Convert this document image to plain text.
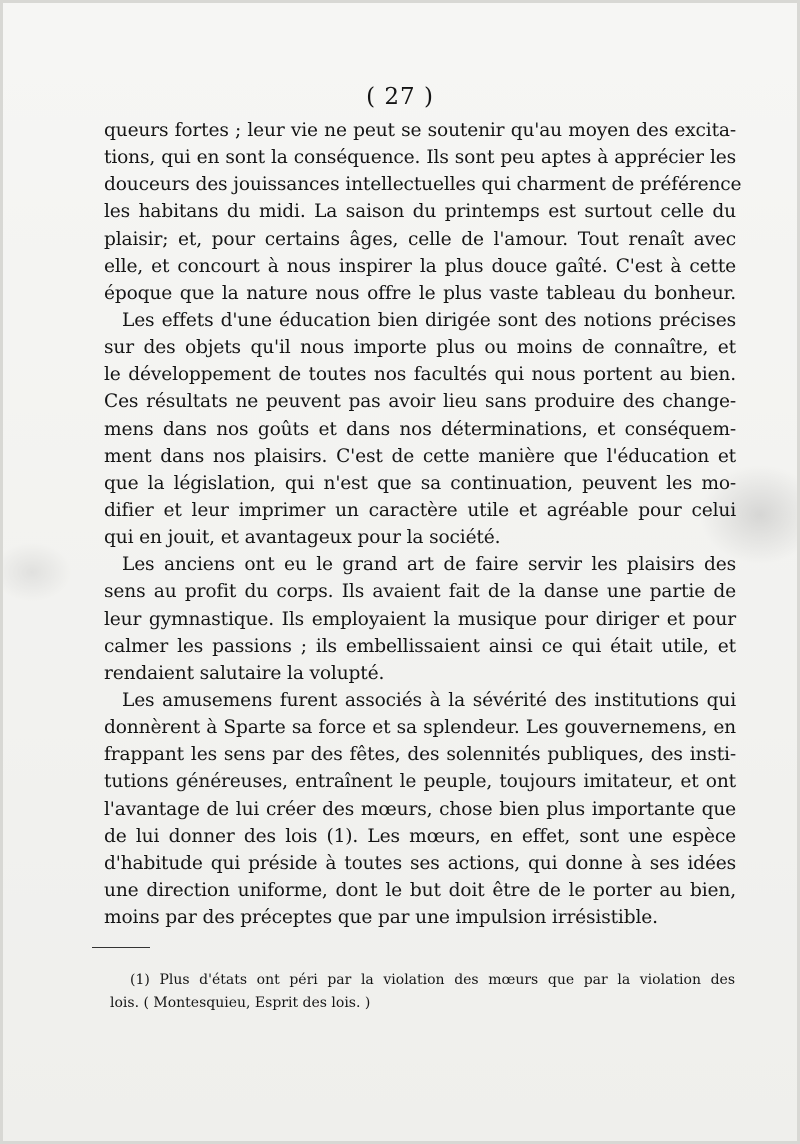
( 27 )
queurs fortes ; leur vie ne peut se soutenir qu'au moyen des excita-
tions, qui en sont la conséquence. Ils sont peu aptes à apprécier les
douceurs des jouissances intellectuelles qui charment de préférence
les habitans du midi. La saison du printemps est surtout celle du
plaisir; et, pour certains âges, celle de l'amour. Tout renaît avec
elle, et concourt à nous inspirer la plus douce gaîté. C'est à cette
époque que la nature nous offre le plus vaste tableau du bonheur.
Les effets d'une éducation bien dirigée sont des notions précises
sur des objets qu'il nous importe plus ou moins de connaître, et
le développement de toutes nos facultés qui nous portent au bien.
Ces résultats ne peuvent pas avoir lieu sans produire des change-
mens dans nos goûts et dans nos déterminations, et conséquem-
ment dans nos plaisirs. C'est de cette manière que l'éducation et
que la législation, qui n'est que sa continuation, peuvent les mo-
difier et leur imprimer un caractère utile et agréable pour celui
qui en jouit, et avantageux pour la société.
Les anciens ont eu le grand art de faire servir les plaisirs des
sens au profit du corps. Ils avaient fait de la danse une partie de
leur gymnastique. Ils employaient la musique pour diriger et pour
calmer les passions ; ils embellissaient ainsi ce qui était utile, et
rendaient salutaire la volupté.
Les amusemens furent associés à la sévérité des institutions qui
donnèrent à Sparte sa force et sa splendeur. Les gouvernemens, en
frappant les sens par des fêtes, des solennités publiques, des insti-
tutions généreuses, entraînent le peuple, toujours imitateur, et ont
l'avantage de lui créer des mœurs, chose bien plus importante que
de lui donner des lois (1). Les mœurs, en effet, sont une espèce
d'habitude qui préside à toutes ses actions, qui donne à ses idées
une direction uniforme, dont le but doit être de le porter au bien,
moins par des préceptes que par une impulsion irrésistible.
(1) Plus d'états ont péri par la violation des mœurs que par la violation des
lois. ( Montesquieu, Esprit des lois. )
